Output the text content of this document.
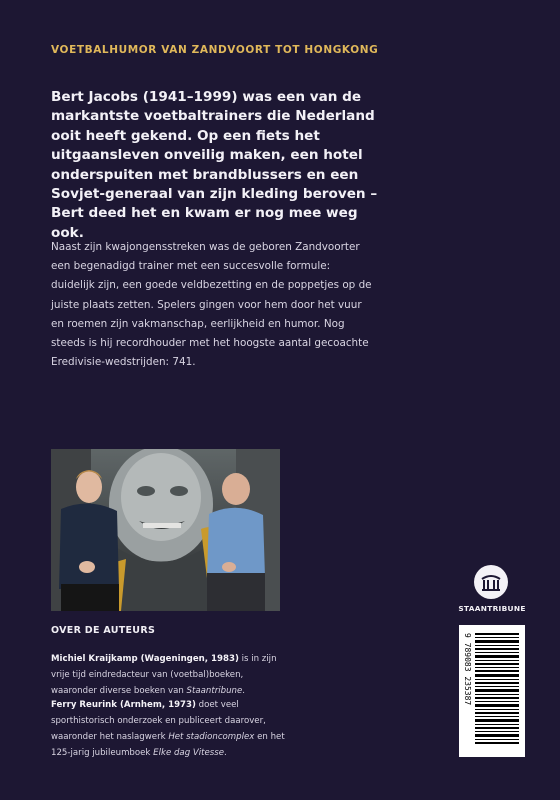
VOETBALHUMOR VAN ZANDVOORT TOT HONGKONG
Bert Jacobs (1941–1999) was een van de markantste voetbaltrainers die Nederland ooit heeft gekend. Op een fiets het uitgaansleven onveilig maken, een hotel onderspuiten met brandblussers en een Sovjet-generaal van zijn kleding beroven – Bert deed het en kwam er nog mee weg ook.
Naast zijn kwajongensstreken was de geboren Zandvoorter een begenadigd trainer met een succesvolle formule: duidelijk zijn, een goede veldbezetting en de poppetjes op de juiste plaats zetten. Spelers gingen voor hem door het vuur en roemen zijn vakmanschap, eerlijkheid en humor. Nog steeds is hij recordhouder met het hoogste aantal gecoachte Eredivisie-wedstrijden: 741.
OVER DE AUTEURS

Michiel Kraijkamp (Wageningen, 1983) is in zijn vrije tijd eindredacteur van (voetbal)boeken, waaronder diverse boeken van Staantribune.

Ferry Reurink (Arnhem, 1973) doet veel sporthistorisch onderzoek en publiceert daarover, waaronder het naslagwerk Het stadioncomplex en het 125-jarig jubileumboek Elke dag Vitesse.

STAANTRIBUNE
9 789083 235387
